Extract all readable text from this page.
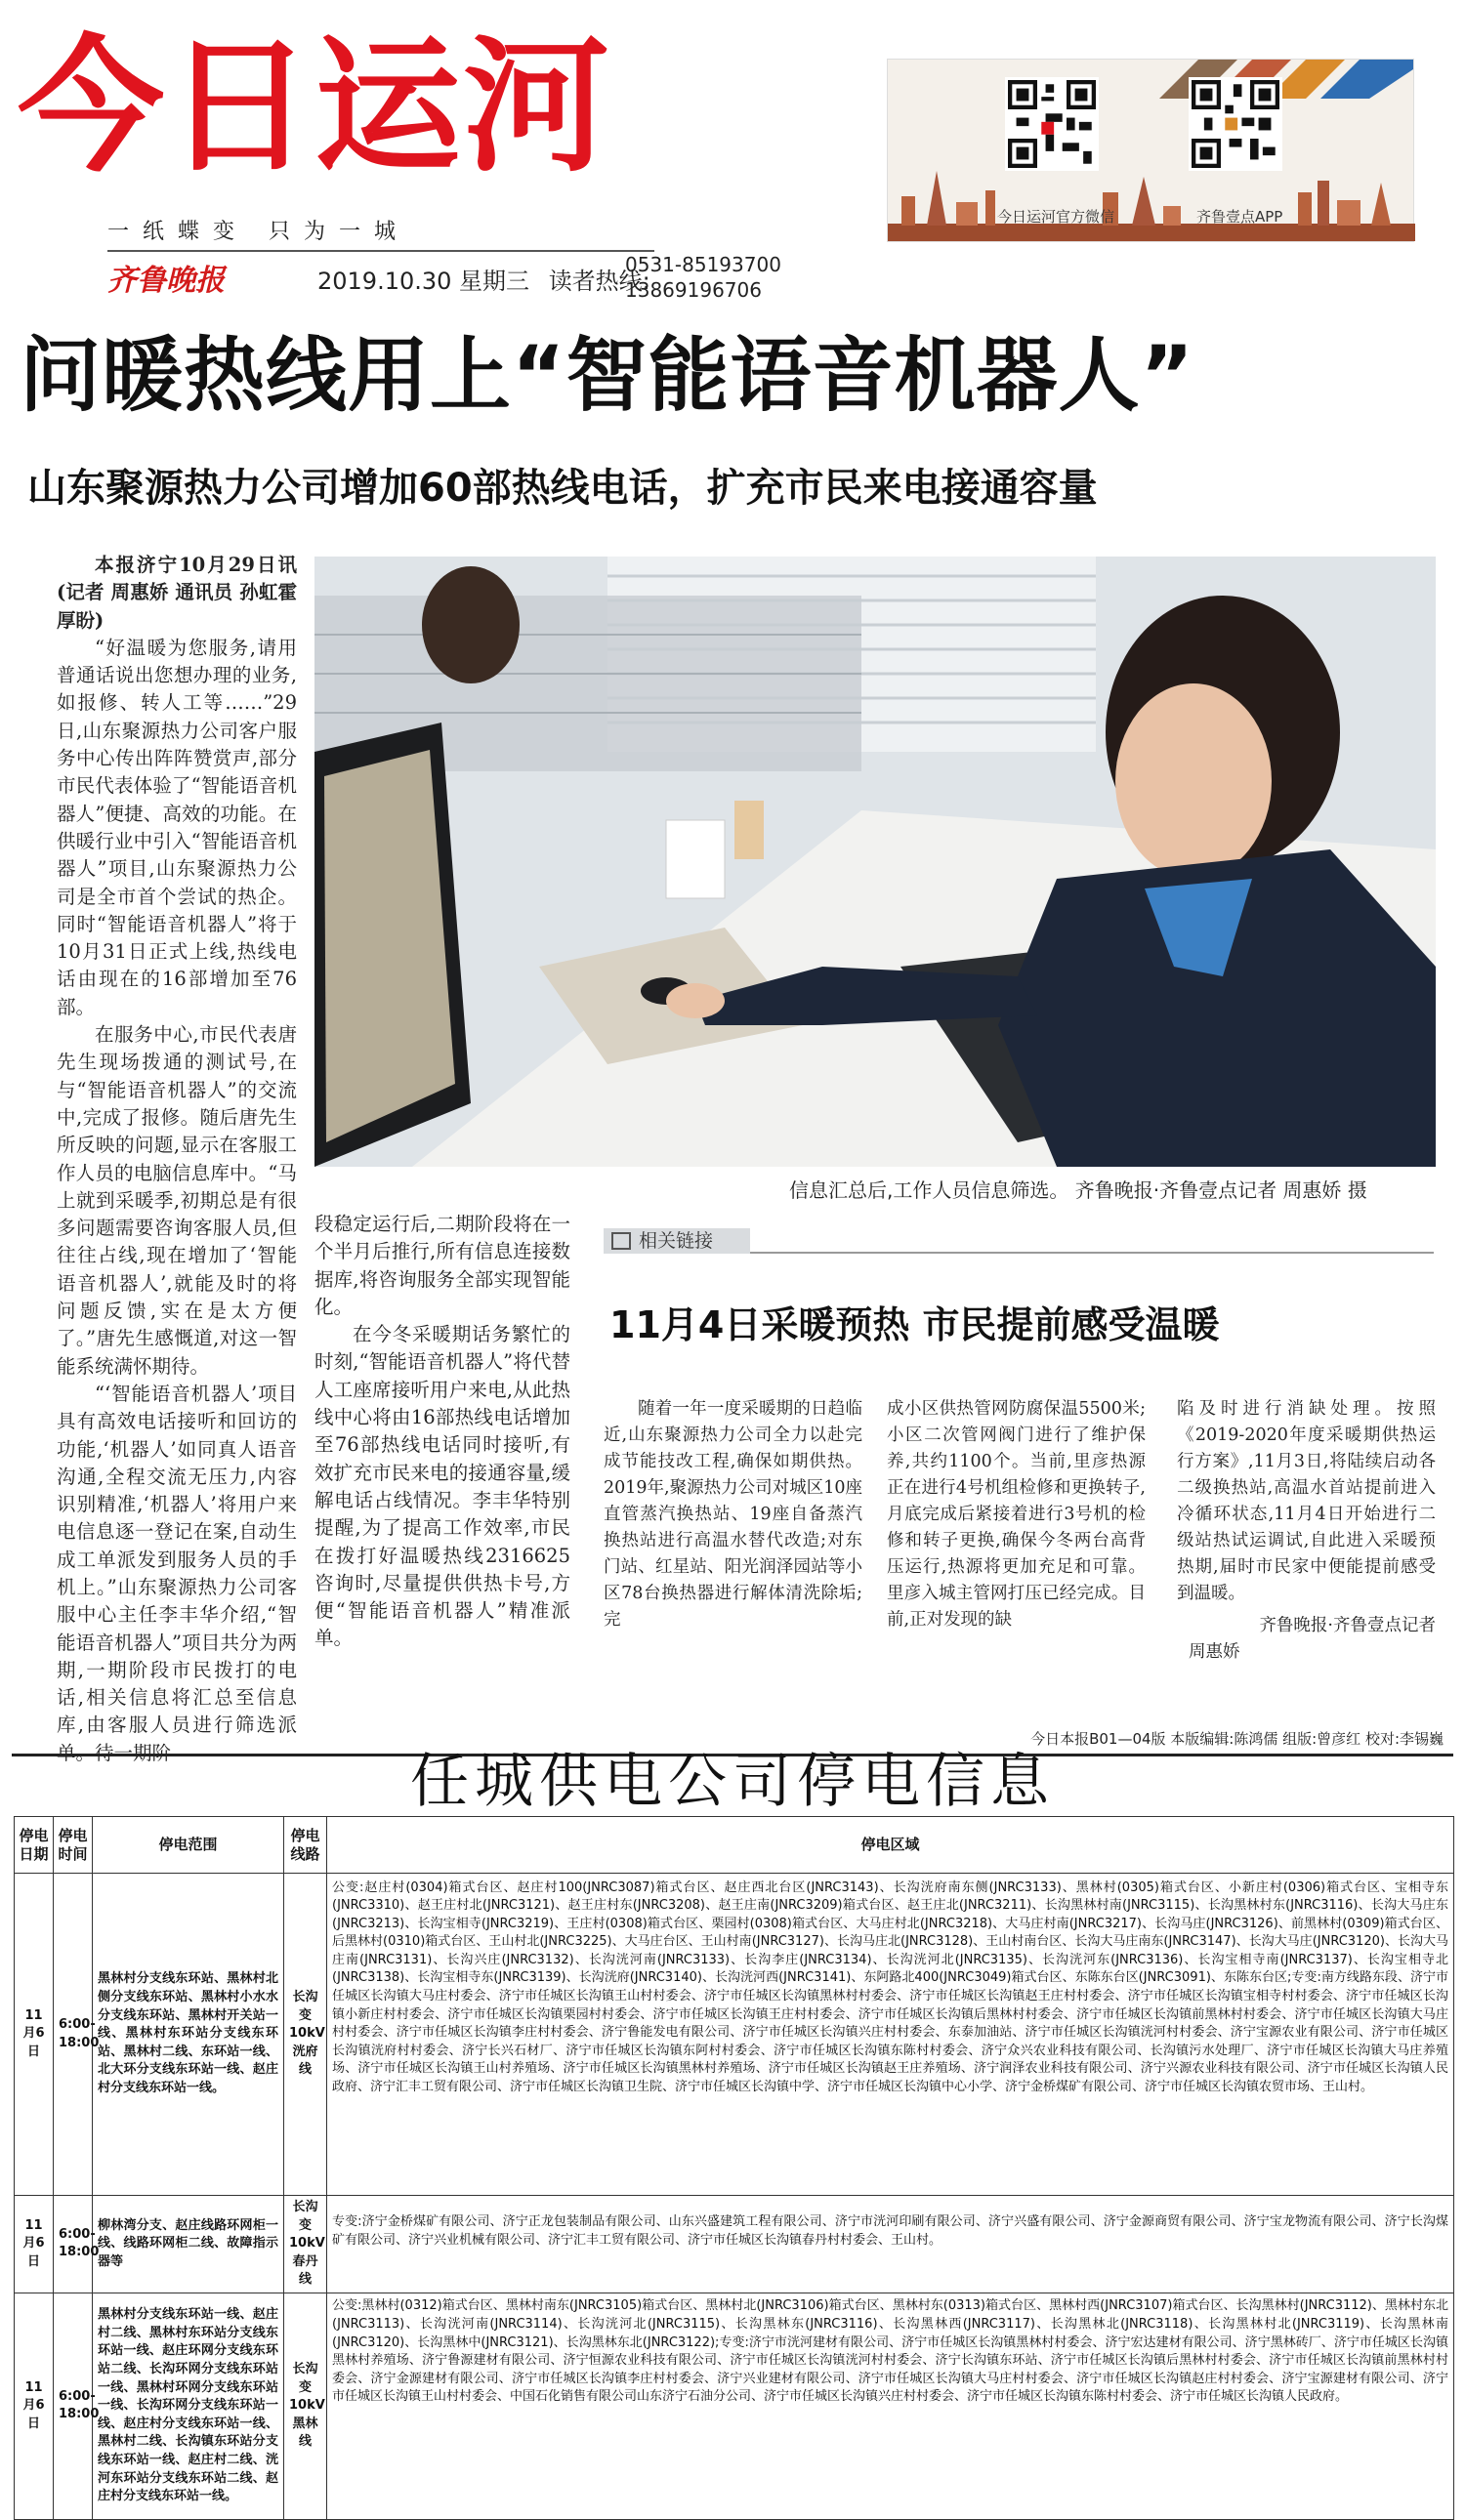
今日运河
一纸蝶变 只为一城
齐鲁晚报	2019.10.30 星期三 读者热线:
0531-85193700
13869196706
今日运河官方微信	齐鲁壹点APP
问暖热线用上“智能语音机器人”
山东聚源热力公司增加60部热线电话，扩充市民来电接通容量

本报济宁10月29日讯(记者 周惠娇 通讯员 孙虹霍厚盼)

“好温暖为您服务,请用普通话说出您想办理的业务,如报修、转人工等……”29日,山东聚源热力公司客户服务中心传出阵阵赞赏声,部分市民代表体验了“智能语音机器人”便捷、高效的功能。在供暖行业中引入“智能语音机器人”项目,山东聚源热力公司是全市首个尝试的热企。同时“智能语音机器人”将于10月31日正式上线,热线电话由现在的16部增加至76部。

在服务中心,市民代表唐先生现场拨通的测试号,在与“智能语音机器人”的交流中,完成了报修。随后唐先生所反映的问题,显示在客服工作人员的电脑信息库中。“马上就到采暖季,初期总是有很多问题需要咨询客服人员,但往往占线,现在增加了‘智能语音机器人’,就能及时的将问题反馈,实在是太方便了。”唐先生感慨道,对这一智能系统满怀期待。

“‘智能语音机器人’项目具有高效电话接听和回访的功能,‘机器人’如同真人语音沟通,全程交流无压力,内容识别精准,‘机器人’将用户来电信息逐一登记在案,自动生成工单派发到服务人员的手机上。”山东聚源热力公司客服中心主任李丰华介绍,“智能语音机器人”项目共分为两期,一期阶段市民拨打的电话,相关信息将汇总至信息库,由客服人员进行筛选派

信息汇总后,工作人员信息筛选。 齐鲁晚报·齐鲁壹点记者 周惠娇 摄

段稳定运行后,二期阶段将在一个半月后推行,所有信息连接数据库,将咨询服务全部实现智能化。

在今冬采暖期话务繁忙的时刻,“智能语音机器人”将代替人工座席接听用户来电,从此热线中心将由16部热线电话增加至76部热线电话同时接听,有效扩充市民来电的接通容量,缓解电话占线情况。李丰华特别提醒,为了提高工作效率,市民在拨打好温暖热线2316625咨询时,尽量提供供热卡号,方便“智能语音机器人”精准派单。

相关链接
11月4日采暖预热 市民提前感受温暖

随着一年一度采暖期的日趋临近,山东聚源热力公司全力以赴完成节能技改工程,确保如期供热。2019年,聚源热力公司对城区10座直管蒸汽换热站、19座自备蒸汽换热站进行高温水替代改造;对东门站、红星站、阳光润泽园站等小区78台换热器进行解体清洗除垢;完

成小区供热管网防腐保温5500米;小区二次管网阀门进行了维护保养,共约1100个。当前,里彦热源正在进行4号机组检修和更换转子,月底完成后紧接着进行3号机的检修和转子更换,确保今冬两台高背压运行,热源将更加充足和可靠。里彦入城主管网打压已经完成。目前,正对发现的缺

陷及时进行消缺处理。按照《2019-2020年度采暖期供热运行方案》,11月3日,将陆续启动各二级换热站,高温水首站提前进入冷循环状态,11月4日开始进行二级站热试运调试,自此进入采暖预热期,届时市民家中便能提前感受到温暖。

齐鲁晚报·齐鲁壹点记者
周惠娇
今日本报B01—04版 本版编辑:陈鸿儒 组版:曾彦红 校对:李锡巍
任城供电公司停电信息
停电日期	停电时间	停电范围	停电线路	停电区域
11月6日	6:00-18:00	黑林村分支线东环站、黑林村北侧分支线东环站、黑林村小水水分支线东环站、黑林村开关站一线、黑林村东环站分支线东环站、黑林村二线、东环站一线、北大环分支线东环站一线、赵庄村分支线东环站一线。	长沟变10kV洸府线	公变:赵庄村(0304)箱式台区、赵庄村100(JNRC3087)箱式台区、赵庄西北台区(JNRC3143)、长沟洸府南东侧(JNRC3133)、黑林村(0305)箱式台区、小新庄村(0306)箱式台区、宝相寺东(JNRC3310)、赵王庄村北(JNRC3121)、赵王庄村东(JNRC3208)、赵王庄南(JNRC3209)箱式台区、赵王庄北(JNRC3211)、长沟黑林村南(JNRC3115)、长沟黑林村东(JNRC3116)、长沟大马庄东(JNRC3213)、长沟宝相寺(JNRC3219)、王庄村(0308)箱式台区、栗园村(0308)箱式台区、大马庄村北(JNRC3218)、大马庄村南(JNRC3217)、长沟马庄(JNRC3126)、前黑林村(0309)箱式台区、后黑林村(0310)箱式台区、王山村北(JNRC3225)、大马庄台区、王山村南(JNRC3127)、长沟马庄北(JNRC3128)、王山村南台区、长沟大马庄南东(JNRC3147)、长沟大马庄(JNRC3120)、长沟大马庄南(JNRC3131)、长沟兴庄(JNRC3132)、长沟洸河南(JNRC3133)、长沟李庄(JNRC3134)、长沟洸河北(JNRC3135)、长沟洸河东(JNRC3136)、长沟宝相寺南(JNRC3137)、长沟宝相寺北(JNRC3138)、长沟宝相寺东(JNRC3139)、长沟洸府(JNRC3140)、长沟洸河西(JNRC3141)、东阿路北400(JNRC3049)箱式台区、东陈东台区(JNRC3091)、东陈东台区;专变:南方线路东段、济宁市任城区长沟镇大马庄村委会、济宁市任城区长沟镇王山村村委会、济宁市任城区长沟镇黑林村村委会、济宁市任城区长沟镇赵王庄村村委会、济宁市任城区长沟镇宝相寺村村委会、济宁市任城区长沟镇小新庄村村委会、济宁市任城区长沟镇栗园村村委会、济宁市任城区长沟镇王庄村村委会、济宁市任城区长沟镇后黑林村村委会、济宁市任城区长沟镇前黑林村村委会、济宁市任城区长沟镇大马庄村村委会、济宁市任城区长沟镇李庄村村委会、济宁鲁能发电有限公司、济宁市任城区长沟镇兴庄村村委会、东泰加油站、济宁市任城区长沟镇洸河村村委会、济宁宝源农业有限公司、济宁市任城区长沟镇洸府村村委会、济宁长兴石材厂、济宁市任城区长沟镇东阿村村委会、济宁市任城区长沟镇东陈村村委会、济宁众兴农业科技有限公司、长沟镇污水处理厂、济宁市任城区长沟镇大马庄养殖场、济宁市任城区长沟镇王山村养殖场、济宁市任城区长沟镇黑林村养殖场、济宁市任城区长沟镇赵王庄养殖场、济宁润泽农业科技有限公司、济宁兴源农业科技有限公司、济宁市任城区长沟镇人民政府、济宁汇丰工贸有限公司、济宁市任城区长沟镇卫生院、济宁市任城区长沟镇中学、济宁市任城区长沟镇中心小学、济宁金桥煤矿有限公司、济宁市任城区长沟镇农贸市场、王山村。

11月6日	6:00-18:00	柳林湾分支、赵庄线路环网柜一线、线路环网柜二线、故障指示器等	长沟变10kV春丹线	专变:济宁金桥煤矿有限公司、济宁正龙包装制品有限公司、山东兴盛建筑工程有限公司、济宁市洸河印刷有限公司、济宁兴盛有限公司、济宁金源商贸有限公司、济宁宝龙物流有限公司、济宁长沟煤矿有限公司、济宁兴业机械有限公司、济宁汇丰工贸有限公司、济宁市任城区长沟镇春丹村村委会、王山村。

11月6日	6:00-18:00	黑林村分支线东环站一线、赵庄村二线、黑林村东环站分支线东环站一线、赵庄环网分支线东环站二线、长沟环网分支线东环站一线、黑林村环网分支线东环站一线、长沟环网分支线东环站一线、赵庄村分支线东环站一线、黑林村二线、长沟镇东环站分支线东环站一线、赵庄村二线、洸河东环站分支线东环站二线、赵庄村分支线东环站一线。	长沟变10kV黑林线	公变:黑林村(0312)箱式台区、黑林村南东(JNRC3105)箱式台区、黑林村北(JNRC3106)箱式台区、黑林村东(0313)箱式台区、黑林村西(JNRC3107)箱式台区、长沟黑林村(JNRC3112)、黑林村东北(JNRC3113)、长沟洸河南(JNRC3114)、长沟洸河北(JNRC3115)、长沟黑林东(JNRC3116)、长沟黑林西(JNRC3117)、长沟黑林北(JNRC3118)、长沟黑林村北(JNRC3119)、长沟黑林南(JNRC3120)、长沟黑林中(JNRC3121)、长沟黑林东北(JNRC3122);专变:济宁市洸河建材有限公司、济宁市任城区长沟镇黑林村村委会、济宁宏达建材有限公司、济宁黑林砖厂、济宁市任城区长沟镇黑林村养殖场、济宁鲁源建材有限公司、济宁恒源农业科技有限公司、济宁市任城区长沟镇洸河村村委会、济宁长沟镇东环站、济宁市任城区长沟镇后黑林村村委会、济宁市任城区长沟镇前黑林村村委会、济宁金源建材有限公司、济宁市任城区长沟镇李庄村村委会、济宁兴业建材有限公司、济宁市任城区长沟镇大马庄村村委会、济宁市任城区长沟镇赵庄村村委会、济宁宝源建材有限公司、济宁市任城区长沟镇王山村村委会、中国石化销售有限公司山东济宁石油分公司、济宁市任城区长沟镇兴庄村村委会、济宁市任城区长沟镇东陈村村委会、济宁市任城区长沟镇人民政府。
